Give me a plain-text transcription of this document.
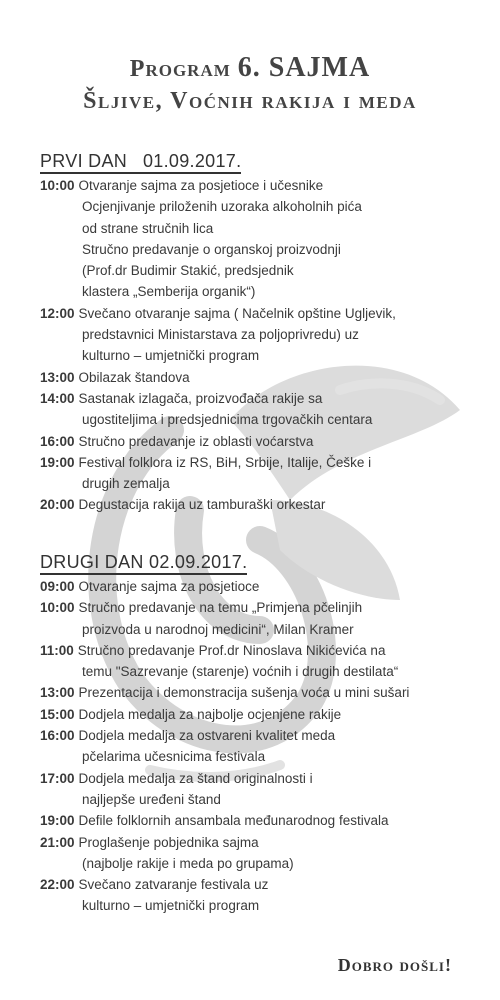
Program 6. SAJMA
Šljive, Voćnih rakija i meda
PRVI DAN   01.09.2017.
10:00 Otvaranje sajma za posjetioce i učesnike
Ocjenjivanje priloženih uzoraka alkoholnih pića
od strane stručnih lica
Stručno predavanje o organskoj proizvodnji
(Prof.dr Budimir Stakić, predsjednik
klastera „Semberija organik“)
12:00 Svečano otvaranje sajma ( Načelnik opštine Ugljevik,
predstavnici Ministarstava za poljoprivredu) uz
kulturno – umjetnički program
13:00 Obilazak štandova
14:00 Sastanak izlagača, proizvođača rakije sa
ugostiteljima i predsjednicima trgovačkih centara
16:00 Stručno predavanje iz oblasti voćarstva
19:00 Festival folklora iz RS, BiH, Srbije, Italije, Češke i
drugih zemalja
20:00 Degustacija rakija uz tamburaški orkestar
DRUGI DAN 02.09.2017.
09:00 Otvaranje sajma za posjetioce
10:00 Stručno predavanje na temu „Primjena pčelinjih
proizvoda u narodnoj medicini“, Milan Kramer
11:00 Stručno predavanje Prof.dr Ninoslava Nikićevića na
temu "Sazrevanje (starenje) voćnih i drugih destilata“
13:00 Prezentacija i demonstracija sušenja voća u mini sušari
15:00 Dodjela medalja za najbolje ocjenjene rakije
16:00 Dodjela medalja za ostvareni kvalitet meda
pčelarima učesnicima festivala
17:00 Dodjela medalja za štand originalnosti i
najljepše uređeni štand
19:00 Defile folklornih ansambala međunarodnog festivala
21:00 Proglašenje pobjednika sajma
(najbolje rakije i meda po grupama)
22:00 Svečano zatvaranje festivala uz
kulturno – umjetnički program
Dobro došli!
